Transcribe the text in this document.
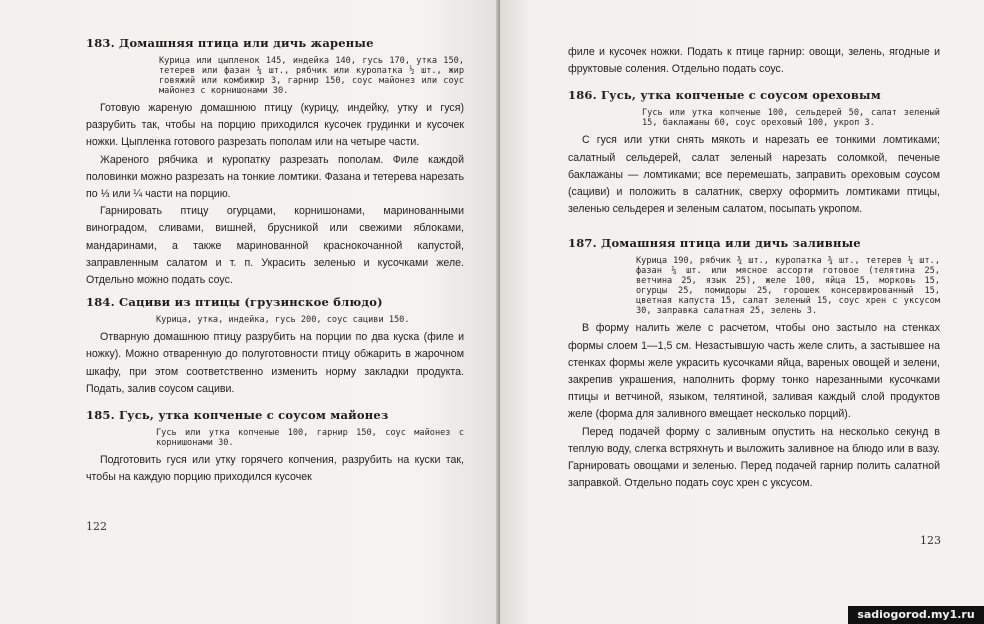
183. Домашняя птица или дичь жареные
Курица или цыпленок 145, индейка 140, гусь 170, утка 150, тетерев или фазан ¼ шт., рябчик или куропатка ½ шт., жир говяжий или комбижир 3, гарнир 150, соус майонез или соус майонез с корнишонами 30.

Готовую жареную домашнюю птицу (курицу, индейку, утку и гуся) разрубить так, чтобы на порцию приходился кусочек грудинки и кусочек ножки. Цыпленка готового разрезать пополам или на четыре части.

Жареного рябчика и куропатку разрезать пополам. Филе каждой половинки можно разрезать на тонкие ломтики. Фазана и тетерева нарезать по ⅓ или ¼ части на порцию.

Гарнировать птицу огурцами, корнишонами, маринованными виноградом, сливами, вишней, брусникой или свежими яблоками, мандаринами, а также маринованной краснокочанной капустой, заправленным салатом и т. п. Украсить зеленью и кусочками желе. Отдельно можно подать соус.

184. Сациви из птицы (грузинское блюдо)
Курица, утка, индейка, гусь 200, соус сациви 150.

Отварную домашнюю птицу разрубить на порции по два куска (филе и ножку). Можно отваренную до полуготовности птицу обжарить в жарочном шкафу, при этом соответственно изменить норму закладки продукта. Подать, залив соусом сациви.

185. Гусь, утка копченые с соусом майонез
Гусь или утка копченые 100, гарнир 150, соус майонез с корнишонами 30.

Подготовить гуся или утку горячего копчения, разрубить на куски так, чтобы на каждую порцию приходился кусочек

122

филе и кусочек ножки. Подать к птице гарнир: овощи, зелень, ягодные и фруктовые соления. Отдельно подать соус.

186. Гусь, утка копченые с соусом ореховым
Гусь или утка копченые 100, сельдерей 50, салат зеленый 15, баклажаны 60, соус ореховый 100, укроп 3.

С гуся или утки снять мякоть и нарезать ее тонкими ломтиками; салатный сельдерей, салат зеленый нарезать соломкой, печеные баклажаны — ломтиками; все перемешать, заправить ореховым соусом (сациви) и положить в салатник, сверху оформить ломтиками птицы, зеленью сельдерея и зеленым салатом, посыпать укропом.

187. Домашняя птица или дичь заливные
Курица 190, рябчик ¾ шт., куропатка ¾ шт., тетерев ¼ шт., фазан ¼ шт. или мясное ассорти готовое (телятина 25, ветчина 25, язык 25), желе 100, яйца 15, морковь 15, огурцы 25, помидоры 25, горошек консервированный 15, цветная капуста 15, салат зеленый 15, соус хрен с уксусом 30, заправка салатная 25, зелень 3.

В форму налить желе с расчетом, чтобы оно застыло на стенках формы слоем 1—1,5 см. Незастывшую часть желе слить, а застывшее на стенках формы желе украсить кусочками яйца, вареных овощей и зелени, закрепив украшения, наполнить форму тонко нарезанными кусочками птицы и ветчиной, языком, телятиной, заливая каждый слой продуктов желе (форма для заливного вмещает несколько порций).

Перед подачей форму с заливным опустить на несколько секунд в теплую воду, слегка встряхнуть и выложить заливное на блюдо или в вазу. Гарнировать овощами и зеленью. Перед подачей гарнир полить салатной заправкой. Отдельно подать соус хрен с уксусом.

123
sadiogorod.my1.ru
